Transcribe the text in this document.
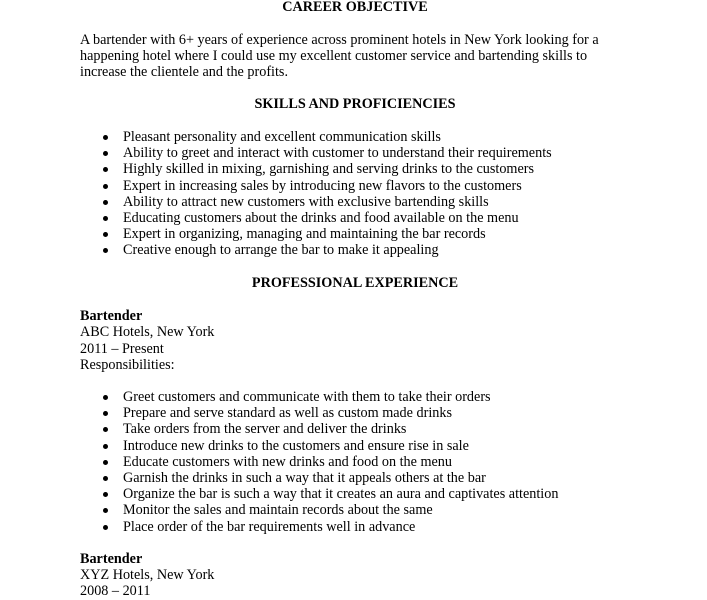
CAREER OBJECTIVE
A bartender with 6+ years of experience across prominent hotels in New York looking for a happening hotel where I could use my excellent customer service and bartending skills to increase the clientele and the profits.
SKILLS AND PROFICIENCIES
Pleasant personality and excellent communication skills
Ability to greet and interact with customer to understand their requirements
Highly skilled in mixing, garnishing and serving drinks to the customers
Expert in increasing sales by introducing new flavors to the customers
Ability to attract new customers with exclusive bartending skills
Educating customers about the drinks and food available on the menu
Expert in organizing, managing and maintaining the bar records
Creative enough to arrange the bar to make it appealing
PROFESSIONAL EXPERIENCE
Bartender
ABC Hotels, New York
2011 – Present
Responsibilities:
Greet customers and communicate with them to take their orders
Prepare and serve standard as well as custom made drinks
Take orders from the server and deliver the drinks
Introduce new drinks to the customers and ensure rise in sale
Educate customers with new drinks and food on the menu
Garnish the drinks in such a way that it appeals others at the bar
Organize the bar is such a way that it creates an aura and captivates attention
Monitor the sales and maintain records about the same
Place order of the bar requirements well in advance
Bartender
XYZ Hotels, New York
2008 – 2011
